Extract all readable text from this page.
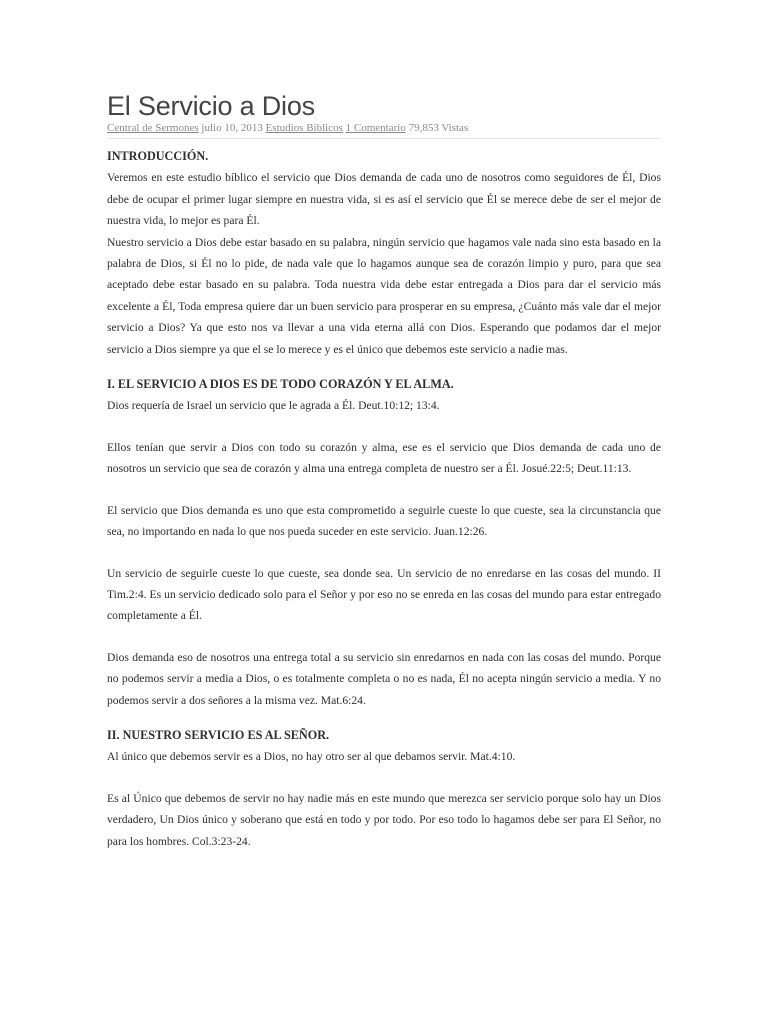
El Servicio a Dios
Central de Sermones julio 10, 2013 Estudios Bíblicos 1 Comentario 79,853 Vistas
INTRODUCCIÓN.

Veremos en este estudio bíblico el servicio que Dios demanda de cada uno de nosotros como seguidores de Él, Dios debe de ocupar el primer lugar siempre en nuestra vida, si es así el servicio que Él se merece debe de ser el mejor de nuestra vida, lo mejor es para Él.

Nuestro servicio a Dios debe estar basado en su palabra, ningún servicio que hagamos vale nada sino esta basado en la palabra de Dios, si Él no lo pide, de nada vale que lo hagamos aunque sea de corazón limpio y puro, para que sea aceptado debe estar basado en su palabra. Toda nuestra vida debe estar entregada a Dios para dar el servicio más excelente a Él, Toda empresa quiere dar un buen servicio para prosperar en su empresa, ¿Cuánto más vale dar el mejor servicio a Dios? Ya que esto nos va llevar a una vida eterna allá con Dios. Esperando que podamos dar el mejor servicio a Dios siempre ya que el se lo merece y es el único que debemos este servicio a nadie mas.

I. EL SERVICIO A DIOS ES DE TODO CORAZÓN Y EL ALMA.

Dios requería de Israel un servicio que le agrada a Él. Deut.10:12; 13:4.

Ellos tenían que servir a Dios con todo su corazón y alma, ese es el servicio que Dios demanda de cada uno de nosotros un servicio que sea de corazón y alma una entrega completa de nuestro ser a Él. Josué.22:5; Deut.11:13.

El servicio que Dios demanda es uno que esta comprometido a seguirle cueste lo que cueste, sea la circunstancia que sea, no importando en nada lo que nos pueda suceder en este servicio. Juan.12:26.

Un servicio de seguirle cueste lo que cueste, sea donde sea. Un servicio de no enredarse en las cosas del mundo. II Tim.2:4. Es un servicio dedicado solo para el Señor y por eso no se enreda en las cosas del mundo para estar entregado completamente a Él.

Dios demanda eso de nosotros una entrega total a su servicio sin enredarnos en nada con las cosas del mundo. Porque no podemos servir a media a Dios, o es totalmente completa o no es nada, Él no acepta ningún servicio a media. Y no podemos servir a dos señores a la misma vez. Mat.6:24.

II. NUESTRO SERVICIO ES AL SEÑOR.

Al único que debemos servir es a Dios, no hay otro ser al que debamos servir. Mat.4:10.

Es al Único que debemos de servir no hay nadie más en este mundo que merezca ser servicio porque solo hay un Dios verdadero, Un Dios único y soberano que está en todo y por todo. Por eso todo lo hagamos debe ser para El Señor, no para los hombres. Col.3:23-24.
